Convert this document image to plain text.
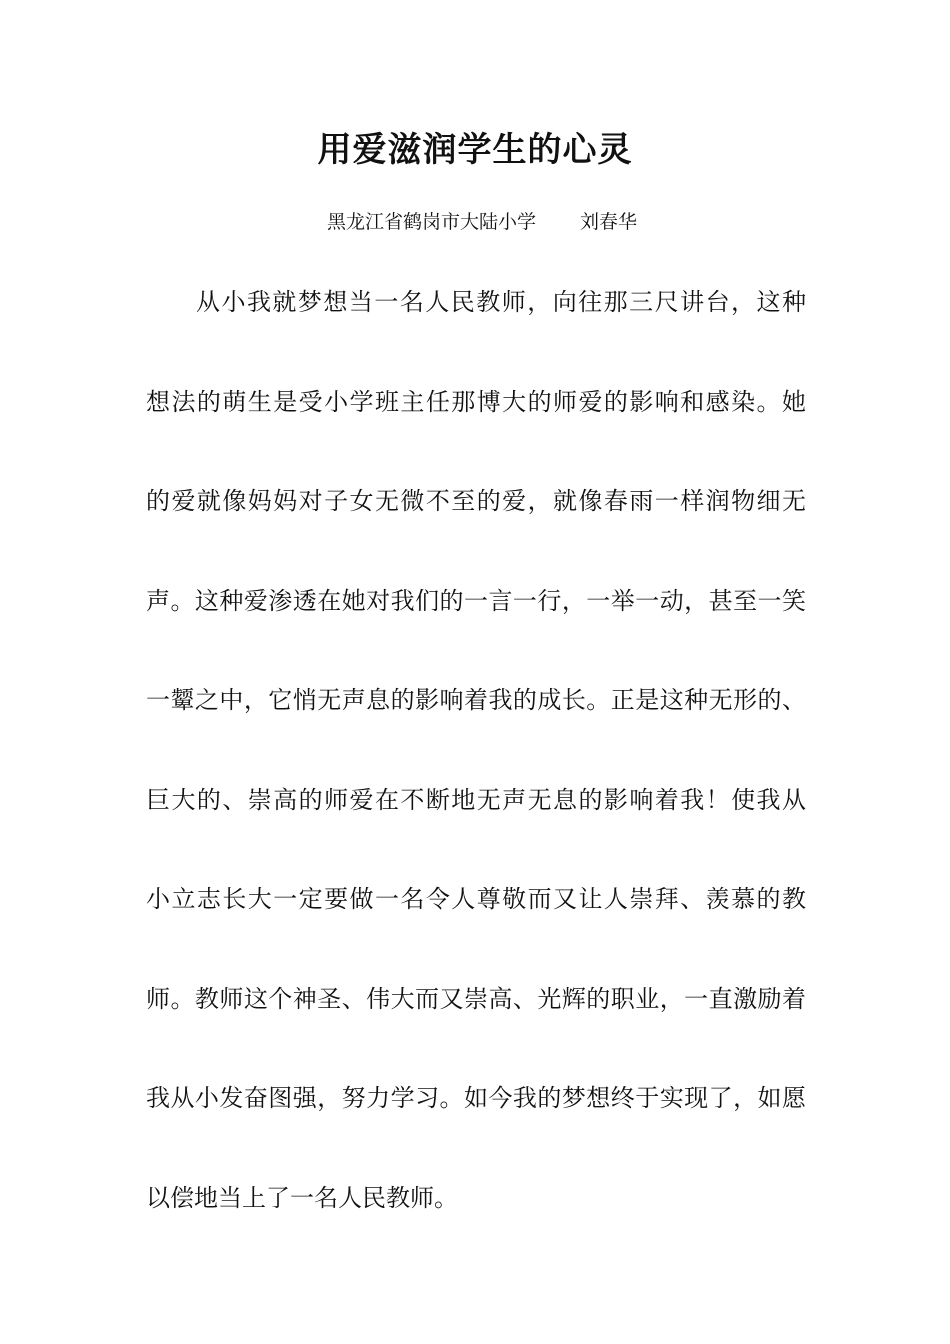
用爱滋润学生的心灵
黑龙江省鹤岗市大陆小学 刘春华
从小我就梦想当一名人民教师，向往那三尺讲台，这种
想法的萌生是受小学班主任那博大的师爱的影响和感染。她
的爱就像妈妈对子女无微不至的爱，就像春雨一样润物细无
声。这种爱渗透在她对我们的一言一行，一举一动，甚至一笑
一颦之中，它悄无声息的影响着我的成长。正是这种无形的、
巨大的、崇高的师爱在不断地无声无息的影响着我！使我从
小立志长大一定要做一名令人尊敬而又让人崇拜、羡慕的教
师。教师这个神圣、伟大而又崇高、光辉的职业，一直激励着
我从小发奋图强，努力学习。如今我的梦想终于实现了，如愿
以偿地当上了一名人民教师。
